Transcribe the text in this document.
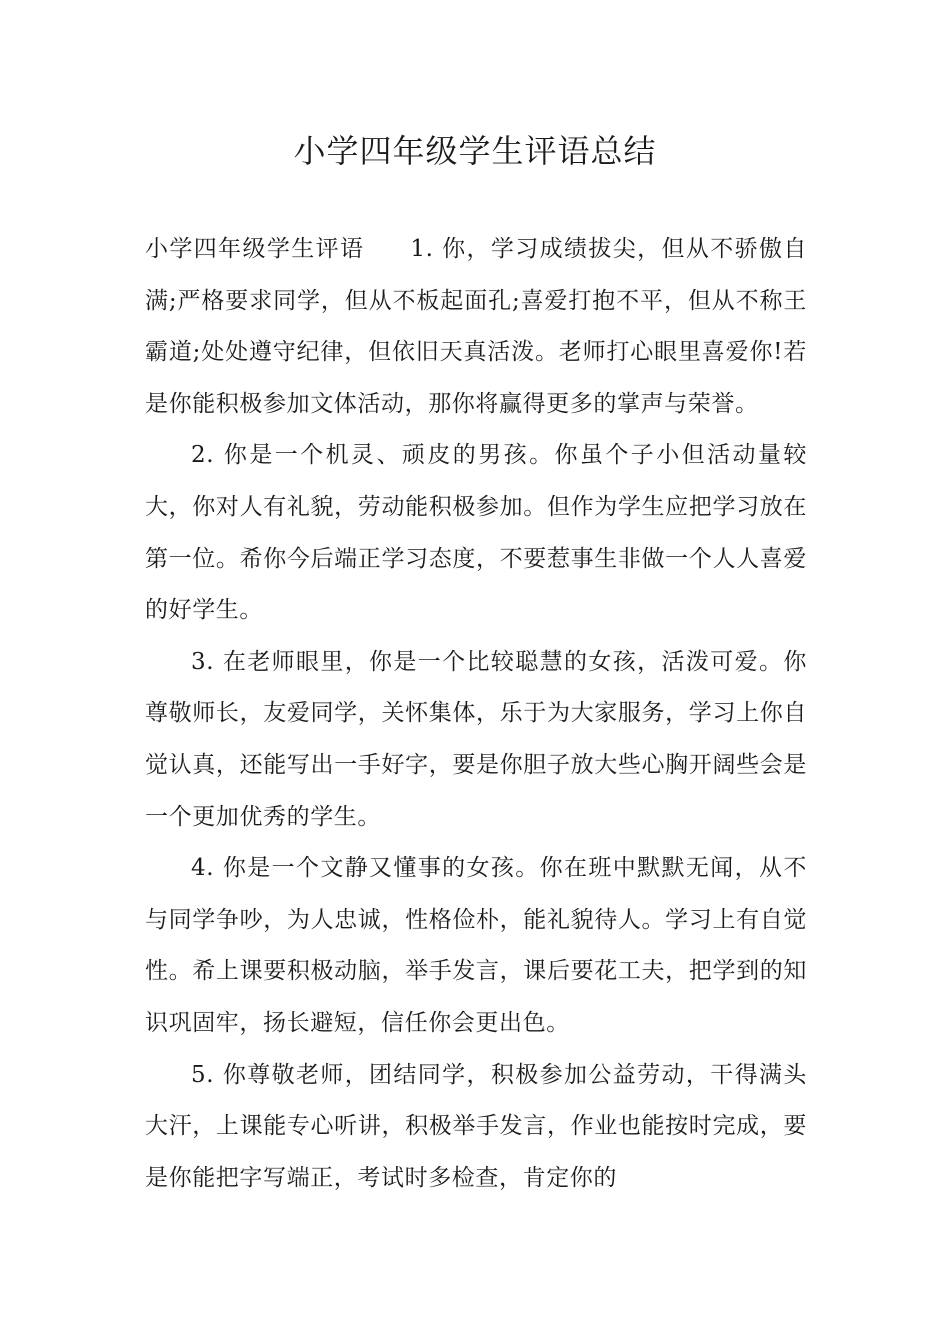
小学四年级学生评语总结

小学四年级学生评语 1. 你，学习成绩拔尖，但从不骄傲自满;严格要求同学，但从不板起面孔;喜爱打抱不平，但从不称王霸道;处处遵守纪律，但依旧天真活泼。老师打心眼里喜爱你!若是你能积极参加文体活动，那你将赢得更多的掌声与荣誉。

2. 你是一个机灵、顽皮的男孩。你虽个子小但活动量较大，你对人有礼貌，劳动能积极参加。但作为学生应把学习放在第一位。希你今后端正学习态度，不要惹事生非做一个人人喜爱的好学生。

3. 在老师眼里，你是一个比较聪慧的女孩，活泼可爱。你尊敬师长，友爱同学，关怀集体，乐于为大家服务，学习上你自觉认真，还能写出一手好字，要是你胆子放大些心胸开阔些会是一个更加优秀的学生。

4. 你是一个文静又懂事的女孩。你在班中默默无闻，从不与同学争吵，为人忠诚，性格俭朴，能礼貌待人。学习上有自觉性。希上课要积极动脑，举手发言，课后要花工夫，把学到的知识巩固牢，扬长避短，信任你会更出色。

5. 你尊敬老师，团结同学，积极参加公益劳动，干得满头大汗，上课能专心听讲，积极举手发言，作业也能按时完成，要是你能把字写端正，考试时多检查，肯定你的
